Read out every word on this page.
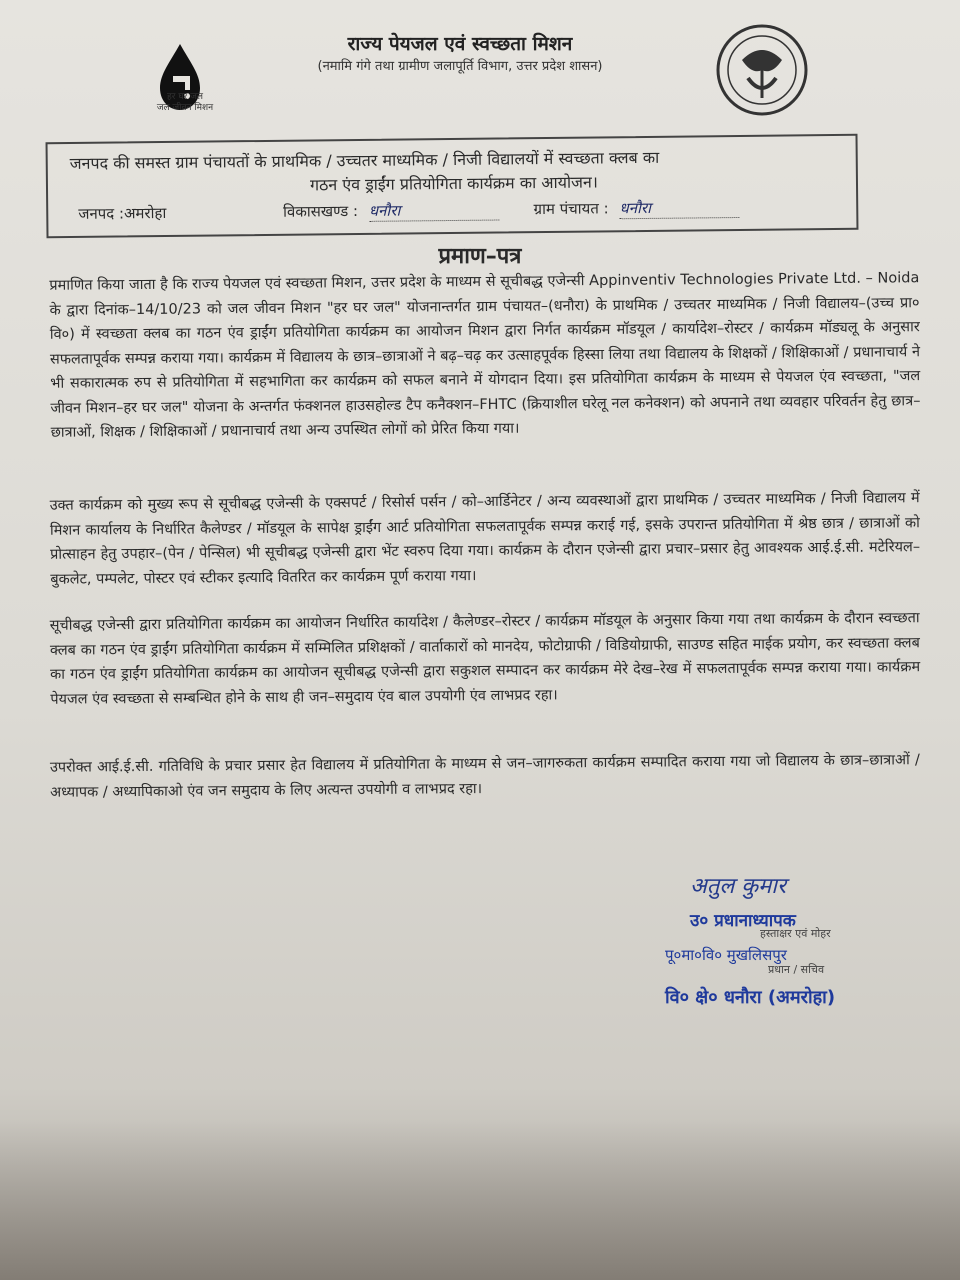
हर घर जल
जल जीवन मिशन
राज्य पेयजल एवं स्वच्छता मिशन
(नमामि गंगे तथा ग्रामीण जलापूर्ति विभाग, उत्तर प्रदेश शासन)
जनपद की समस्त ग्राम पंचायतों के प्राथमिक / उच्चतर माध्यमिक / निजी विद्यालयों में स्वच्छता क्लब का
गठन एंव ड्राईंग प्रतियोगिता कार्यक्रम का आयोजन।
जनपद :अमरोहा	विकासखण्ड : धनौरा	ग्राम पंचायत : धनौरा
प्रमाण–पत्र
प्रमाणित किया जाता है कि राज्य पेयजल एवं स्वच्छता मिशन, उत्तर प्रदेश के माध्यम से सूचीबद्ध एजेन्सी Appinventiv Technologies Private Ltd. – Noida के द्वारा दिनांक–14/10/23 को जल जीवन मिशन "हर घर जल" योजनान्तर्गत ग्राम पंचायत–(धनौरा) के प्राथमिक / उच्चतर माध्यमिक / निजी विद्यालय–(उच्च प्रा० वि०) में स्वच्छता क्लब का गठन एंव ड्राईंग प्रतियोगिता कार्यक्रम का आयोजन मिशन द्वारा निर्गत कार्यक्रम मॉडयूल / कार्यादेश–रोस्टर / कार्यक्रम मॉड्यलू के अनुसार सफलतापूर्वक सम्पन्न कराया गया। कार्यक्रम में विद्यालय के छात्र–छात्राओं ने बढ़–चढ़ कर उत्साहपूर्वक हिस्सा लिया तथा विद्यालय के शिक्षकों / शिक्षिकाओं / प्रधानाचार्य ने भी सकारात्मक रुप से प्रतियोगिता में सहभागिता कर कार्यक्रम को सफल बनाने में योगदान दिया। इस प्रतियोगिता कार्यक्रम के माध्यम से पेयजल एंव स्वच्छता, "जल जीवन मिशन–हर घर जल" योजना के अन्तर्गत फंक्शनल हाउसहोल्ड टैप कनैक्शन–FHTC (क्रियाशील घरेलू नल कनेक्शन) को अपनाने तथा व्यवहार परिवर्तन हेतु छात्र–छात्राओं, शिक्षक / शिक्षिकाओं / प्रधानाचार्य तथा अन्य उपस्थित लोगों को प्रेरित किया गया।
उक्त कार्यक्रम को मुख्य रूप से सूचीबद्ध एजेन्सी के एक्सपर्ट / रिसोर्स पर्सन / को–आर्डिनेटर / अन्य व्यवस्थाओं द्वारा प्राथमिक / उच्चतर माध्यमिक / निजी विद्यालय में मिशन कार्यालय के निर्धारित कैलेण्डर / मॉडयूल के सापेक्ष ड्राईंग आर्ट प्रतियोगिता सफलतापूर्वक सम्पन्न कराई गई, इसके उपरान्त प्रतियोगिता में श्रेष्ठ छात्र / छात्राओं को प्रोत्साहन हेतु उपहार–(पेन / पेन्सिल) भी सूचीबद्ध एजेन्सी द्वारा भेंट स्वरुप दिया गया। कार्यक्रम के दौरान एजेन्सी द्वारा प्रचार–प्रसार हेतु आवश्यक आई.ई.सी. मटेरियल–बुकलेट, पम्पलेट, पोस्टर एवं स्टीकर इत्यादि वितरित कर कार्यक्रम पूर्ण कराया गया।
सूचीबद्ध एजेन्सी द्वारा प्रतियोगिता कार्यक्रम का आयोजन निर्धारित कार्यादेश / कैलेण्डर–रोस्टर / कार्यक्रम मॉडयूल के अनुसार किया गया तथा कार्यक्रम के दौरान स्वच्छता क्लब का गठन एंव ड्राईंग प्रतियोगिता कार्यक्रम में सम्मिलित प्रशिक्षकों / वार्ताकारों को मानदेय, फोटोग्राफी / विडियोग्राफी, साउण्ड सहित माईक प्रयोग, कर स्वच्छता क्लब का गठन एंव ड्राईंग प्रतियोगिता कार्यक्रम का आयोजन सूचीबद्ध एजेन्सी द्वारा सकुशल सम्पादन कर कार्यक्रम मेरे देख–रेख में सफलतापूर्वक सम्पन्न कराया गया। कार्यक्रम पेयजल एंव स्वच्छता से सम्बन्धित होने के साथ ही जन–समुदाय एंव बाल उपयोगी एंव लाभप्रद रहा।
उपरोक्त आई.ई.सी. गतिविधि के प्रचार प्रसार हेत विद्यालय में प्रतियोगिता के माध्यम से जन–जागरुकता कार्यक्रम सम्पादित कराया गया जो विद्यालय के छात्र–छात्राओं / अध्यापक / अध्यापिकाओ एंव जन समुदाय के लिए अत्यन्त उपयोगी व लाभप्रद रहा।
अतुल कुमार
उ० प्रधानाध्यापक
हस्ताक्षर एवं मोहर
पू०मा०वि० मुखलिसपुर
प्रधान / सचिव
वि० क्षे० धनौरा (अमरोहा)
